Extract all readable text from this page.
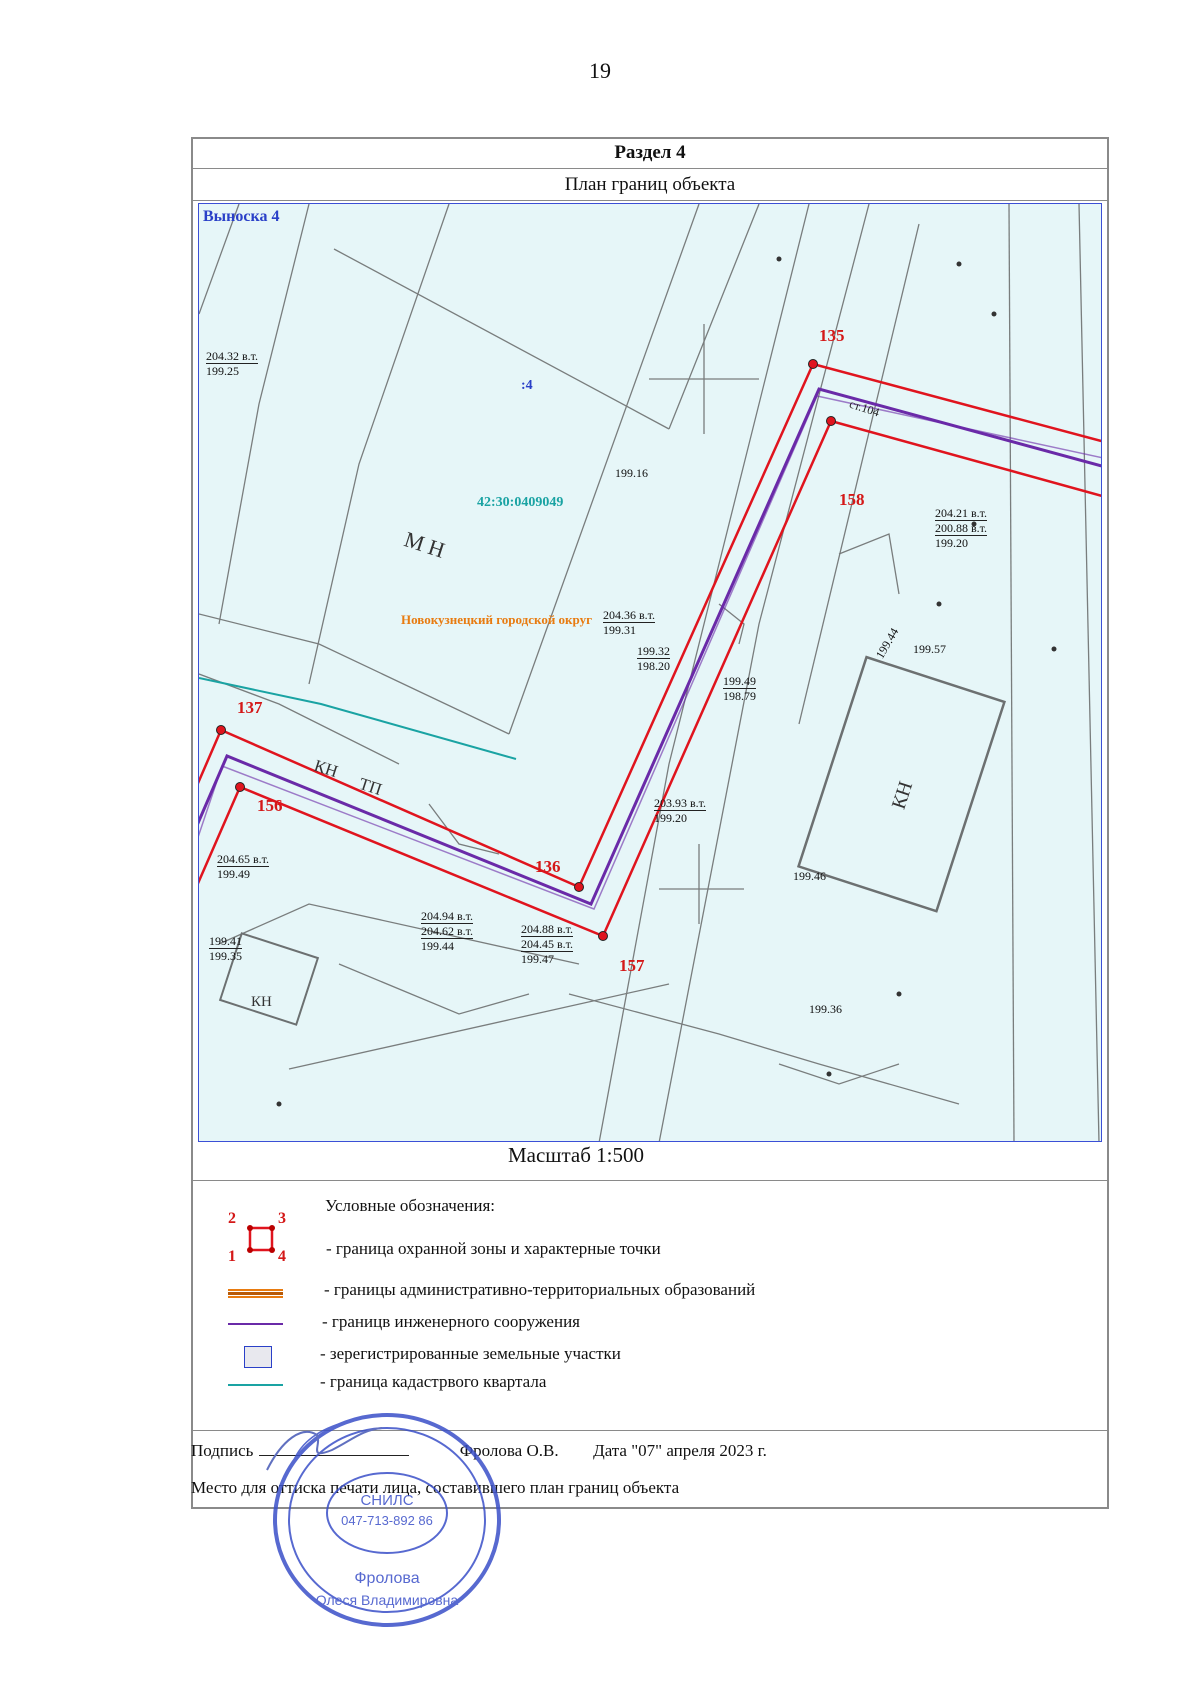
19
Раздел 4
План границ объекта
Выноска 4
:4
42:30:0409049
Новокузнецкий городской округ
М Н
КН
ТП	КН
КН
ст.104
135
136
137
156
157
158
204.65 в.т.
199.49
204.94 в.т.
204.62 в.т.
199.44
204.88 в.т.
204.45 в.т.
199.47
204.36 в.т.
199.31
199.32
198.20
199.49
198.79
203.93 в.т.
199.20
199.41
199.35
204.32 в.т.
199.25
204.21 в.т.
200.88 в.т.
199.20
199.57
199.46
199.36
199.16
199.44
Масштаб 1:500
Условные обозначения:
2	3
1	4 - граница охранной зоны и характерные точки
- границы административно-территориальных образований
- границв инженерного сооружения
- зерегистрированные земельные участки
- граница кадастрвого квартала
Подпись	Фролова О.В. Дата "07" апреля 2023 г.
Место для оттиска печати лица, составившего план границ объекта
СНИЛС
047-713-892 86
Фролова
Олеся Владимировна
